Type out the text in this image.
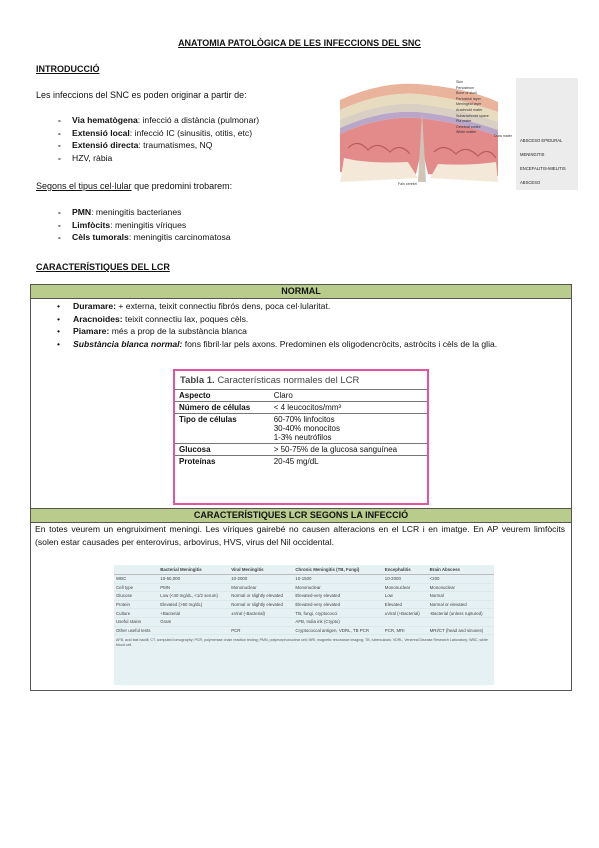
ANATOMIA PATOLÒGICA DE LES INFECCIONS DEL SNC
INTRODUCCIÓ
Les infeccions del SNC es poden originar a partir de:
- Via hematògena: infecció a distància (pulmonar)
- Extensió local: infecció IC (sinusitis, otitis, etc)
- Extensió directa: traumatismes, NQ
- HZV, ràbia
Segons el tipus cel·lular que predomini trobarem:
- PMN: meningitis bacterianes
- Limfòcits: meningitis víriques
- Cèls tumorals: meningitis carcinomatosa
Skin
Periosteum
Bone of skull
Periosteal layer
Meningeal layer
Arachnoid mater
Subarachnoid space
Pia mater
Cerebral cortex
White matter
Dura mater
Falx cerebri
ABSCESO EPIDURAL
MENINGITIS
ENCEFALITIS-MIELITIS ABSCESO
CARACTERÍSTIQUES DEL LCR
NORMAL
• Duramare: + externa, teixit connectiu fibrós dens, poca cel·lularitat.
• Aracnoides: teixit connectiu lax, poques cèls.
• Piamare: més a prop de la substància blanca
• Substància blanca normal: fons fibril·lar pels axons. Predominen els oligodencròcits, astròcits i cèls de la glia.
Tabla 1. Características normales del LCR
Aspecto	Claro
Número de células	< 4 leucocitos/mm³
Tipo de células	60-70% linfocitos
30-40% monocitos
1-3% neutrófilos

Glucosa	> 50-75% de la glucosa sanguínea
Proteínas	20-45 mg/dL
CARACTERÍSTIQUES LCR SEGONS LA INFECCIÓ
En totes veurem un engruiximent meningi. Les víriques gairebé no causen alteracions en el LCR i en imatge. En AP veurem limfòcits (solen estar causades per enterovirus, arbovirus, HVS, virus del Nil occidental.
	Bacterial Meningitis	Viral Meningitis	Chronic Meningitis (TB, Fungi)	Encephalitis	Brain Abscess
WBC	10-50,000	10-2000	10-1500	10-2000	<200
Cell type	PMN	Mononuclear	Mononuclear	Mononuclear	Mononuclear
Glucose	Low (<40 mg/dL, <1/2 serum)	Normal or slightly elevated	Elevated-very elevated	Low	Normal
Protein	Elevated (>50 mg/dL)	Normal or slightly elevated	Elevated-very elevated	Elevated	Normal or elevated
Culture	+Bacterial	±Viral (-Bacterial)	TB, fungi, cryptococci	±Viral (+Bacterial)	-Bacterial (unless ruptured)
Useful stains	Gram		AFB, India ink (Crypto)		
Other useful tests		PCR	Cryptococcal antigen, VDRL, TB PCR	PCR, MRI	MRI/CT (head and sinuses)
AFB, acid fast bacilli; CT, computed tomography; PCR, polymerase chain reaction testing; PMN, polymorphonuclear cell; MRI, magnetic resonance imaging; TB, tuberculosis; VDRL, Venereal Disease Research Laboratory; WBC, white blood cell.
